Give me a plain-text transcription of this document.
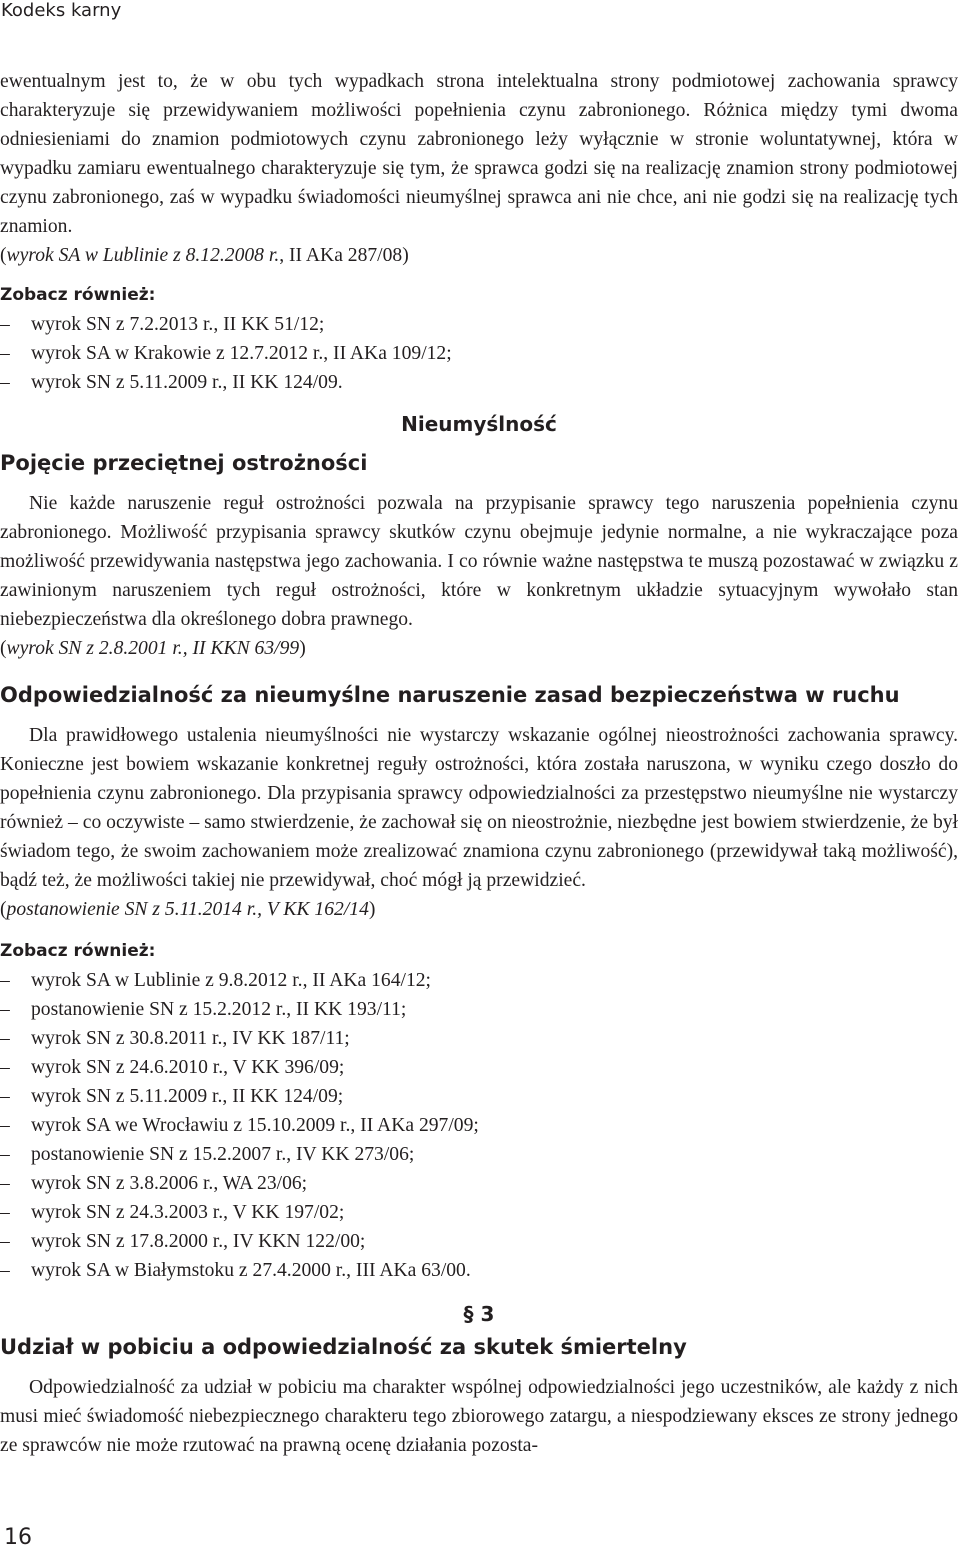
Kodeks karny

ewentualnym jest to, że w obu tych wypadkach strona intelektualna strony podmiotowej zachowania sprawcy charakteryzuje się przewidywaniem możliwości popełnienia czynu zabronionego. Różnica między tymi dwoma odniesieniami do znamion podmiotowych czynu zabronionego leży wyłącznie w stronie woluntatywnej, która w wypadku zamiaru ewentualnego charakteryzuje się tym, że sprawca godzi się na realizację znamion strony podmiotowej czynu zabronionego, zaś w wypadku świadomości nieumyślnej sprawca ani nie chce, ani nie godzi się na realizację tych znamion.

(wyrok SA w Lublinie z 8.12.2008 r., II AKa 287/08)

Zobacz również:
– wyrok SN z 7.2.2013 r., II KK 51/12;
– wyrok SA w Krakowie z 12.7.2012 r., II AKa 109/12;
– wyrok SN z 5.11.2009 r., II KK 124/09.
Nieumyślność
Pojęcie przeciętnej ostrożności

Nie każde naruszenie reguł ostrożności pozwala na przypisanie sprawcy tego naruszenia popełnienia czynu zabronionego. Możliwość przypisania sprawcy skutków czynu obejmuje jedynie normalne, a nie wykraczające poza możliwość przewidywania następstwa jego zachowania. I co równie ważne następstwa te muszą pozostawać w związku z zawinionym naruszeniem tych reguł ostrożności, które w konkretnym układzie sytuacyjnym wywołało stan niebezpieczeństwa dla określonego dobra prawnego.

(wyrok SN z 2.8.2001 r., II KKN 63/99)

Odpowiedzialność za nieumyślne naruszenie zasad bezpieczeństwa w ruchu

Dla prawidłowego ustalenia nieumyślności nie wystarczy wskazanie ogólnej nieostrożności zachowania sprawcy. Konieczne jest bowiem wskazanie konkretnej reguły ostrożności, która została naruszona, w wyniku czego doszło do popełnienia czynu zabronionego. Dla przypisania sprawcy odpowiedzialności za przestępstwo nieumyślne nie wystarczy również – co oczywiste – samo stwierdzenie, że zachował się on nieostrożnie, niezbędne jest bowiem stwierdzenie, że był świadom tego, że swoim zachowaniem może zrealizować znamiona czynu zabronionego (przewidywał taką możliwość), bądź też, że możliwości takiej nie przewidywał, choć mógł ją przewidzieć.

(postanowienie SN z 5.11.2014 r., V KK 162/14)

Zobacz również:
– wyrok SA w Lublinie z 9.8.2012 r., II AKa 164/12;
– postanowienie SN z 15.2.2012 r., II KK 193/11;
– wyrok SN z 30.8.2011 r., IV KK 187/11;
– wyrok SN z 24.6.2010 r., V KK 396/09;
– wyrok SN z 5.11.2009 r., II KK 124/09;
– wyrok SA we Wrocławiu z 15.10.2009 r., II AKa 297/09;
– postanowienie SN z 15.2.2007 r., IV KK 273/06;
– wyrok SN z 3.8.2006 r., WA 23/06;
– wyrok SN z 24.3.2003 r., V KK 197/02;
– wyrok SN z 17.8.2000 r., IV KKN 122/00;
– wyrok SA w Białymstoku z 27.4.2000 r., III AKa 63/00.
§ 3
Udział w pobiciu a odpowiedzialność za skutek śmiertelny

Odpowiedzialność za udział w pobiciu ma charakter wspólnej odpowiedzialności jego uczestników, ale każdy z nich musi mieć świadomość niebezpiecznego charakteru tego zbiorowego zatargu, a niespodziewany eksces ze strony jednego ze sprawców nie może rzutować na prawną ocenę działania pozosta-

16
